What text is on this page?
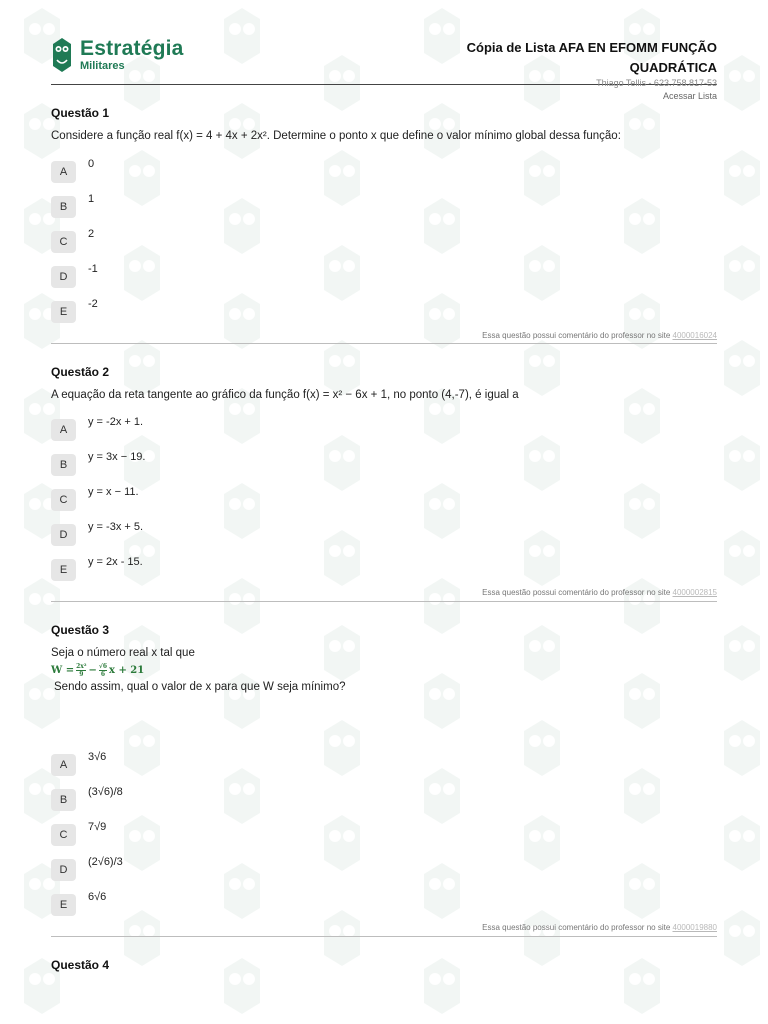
Estratégia
Militares
Cópia de Lista AFA EN EFOMM FUNÇÃO
QUADRÁTICA
Thiago Tellis - 623.758.817-53
Acessar Lista
Questão 1
Considere a função real f(x) = 4 + 4x + 2x². Determine o ponto x que define o valor mínimo global dessa função:
A
0
B
1
C
2
D
-1
E
-2
Essa questão possui comentário do professor no site 4000016024
Questão 2
A equação da reta tangente ao gráfico da função f(x) = x² − 6x + 1, no ponto (4,-7), é igual a
A
y = -2x + 1.
B
y = 3x − 19.
C
y = x − 11.
D
y = -3x + 5.
E
y = 2x - 15.
Essa questão possui comentário do professor no site 4000002815
Questão 3
Seja o número real x tal que
$W = \frac{\text{2x²}}{9} - \frac{√6}{6}$ x + 21
Sendo assim, qual o valor de x para que W seja mínimo?
A
3√6
B
(3√6)/8
C
7√9
D
(2√6)/3
E
6√6
Essa questão possui comentário do professor no site 4000019880
Questão 4
